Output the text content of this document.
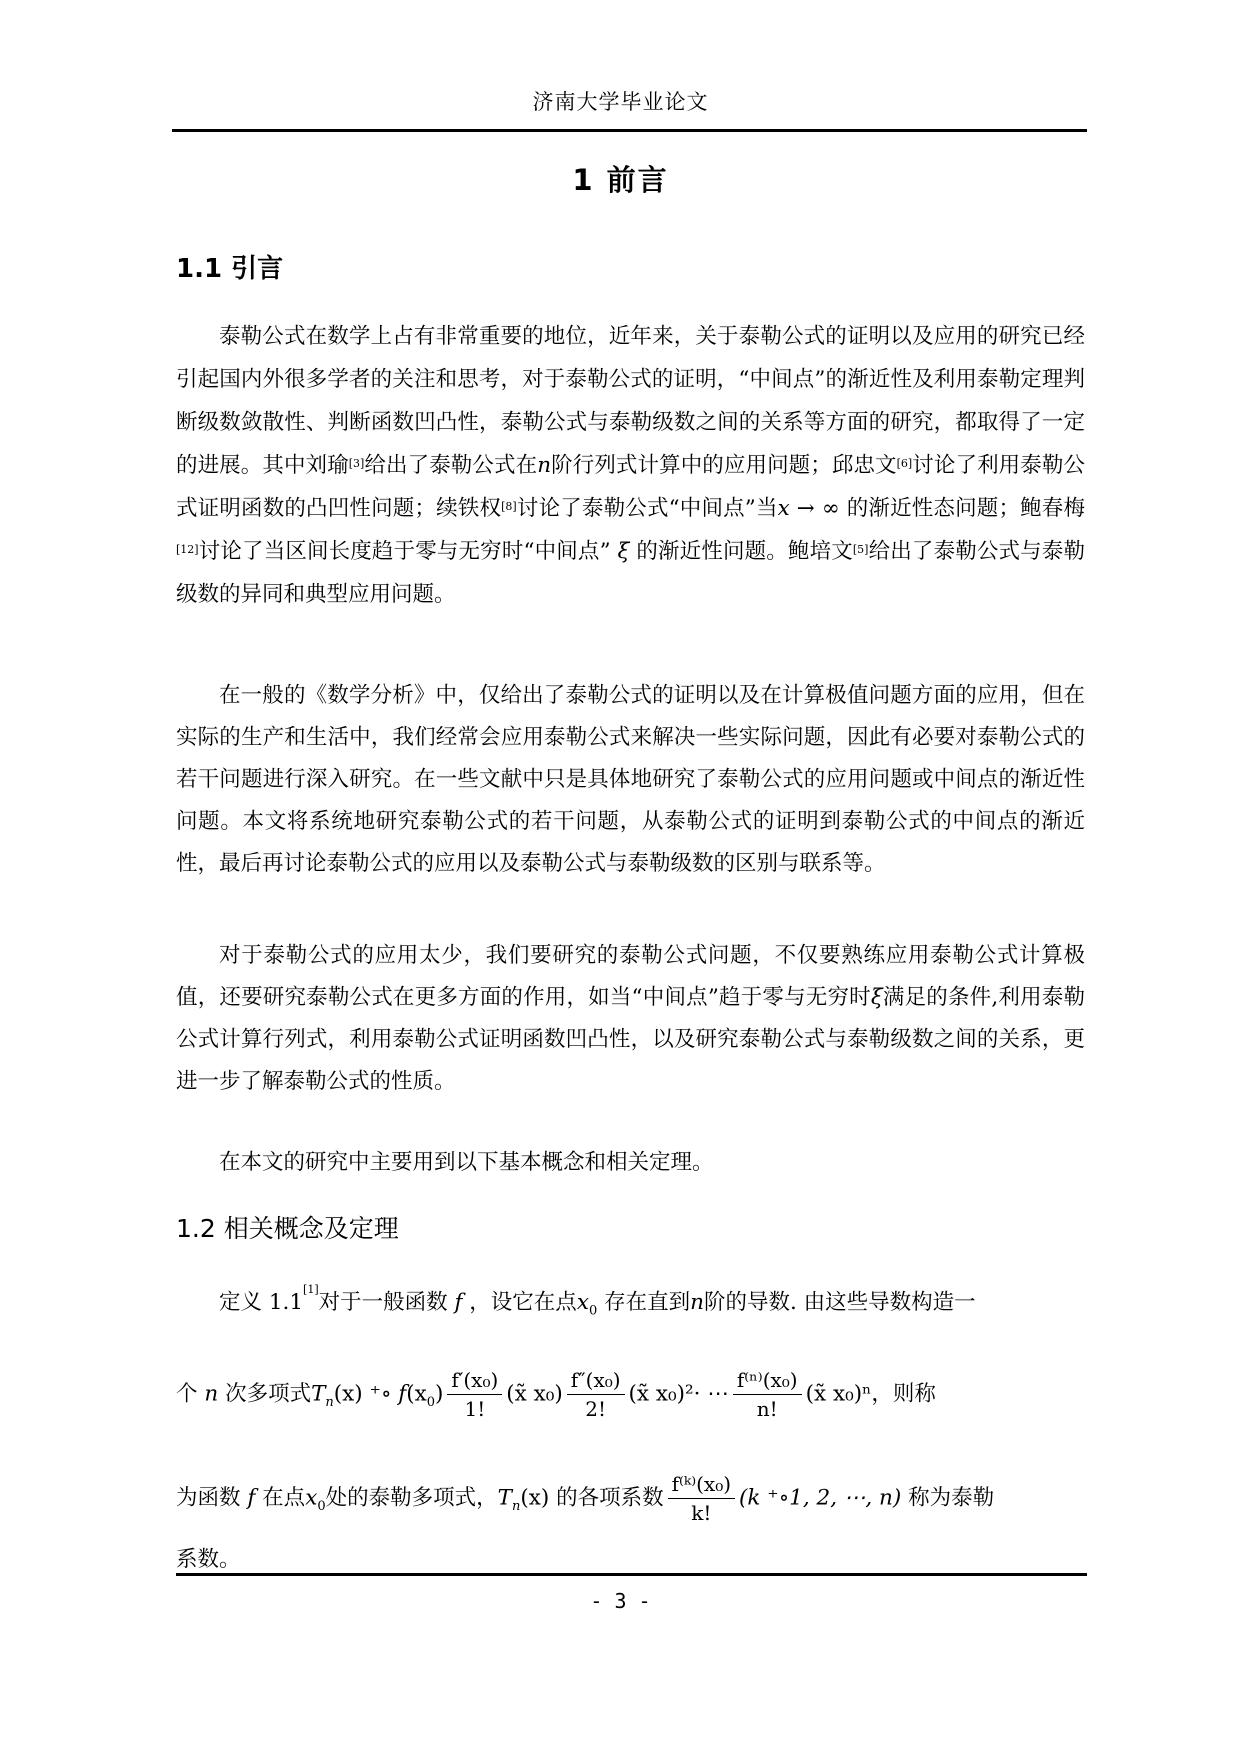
济南大学毕业论文
1 前言
1.1 引言

泰勒公式在数学上占有非常重要的地位，近年来，关于泰勒公式的证明以及应用的研究已经引起国内外很多学者的关注和思考，对于泰勒公式的证明，“中间点”的渐近性及利用泰勒定理判断级数敛散性、判断函数凹凸性，泰勒公式与泰勒级数之间的关系等方面的研究，都取得了一定的进展。其中刘瑜[3]给出了泰勒公式在n阶行列式计算中的应用问题；邱忠文[6]讨论了利用泰勒公式证明函数的凸凹性问题；续铁权[8]讨论了泰勒公式“中间点”当x → ∞ 的渐近性态问题；鲍春梅[12]讨论了当区间长度趋于零与无穷时“中间点” ξ 的渐近性问题。鲍培文[5]给出了泰勒公式与泰勒级数的异同和典型应用问题。

在一般的《数学分析》中，仅给出了泰勒公式的证明以及在计算极值问题方面的应用，但在实际的生产和生活中，我们经常会应用泰勒公式来解决一些实际问题，因此有必要对泰勒公式的若干问题进行深入研究。在一些文献中只是具体地研究了泰勒公式的应用问题或中间点的渐近性问题。本文将系统地研究泰勒公式的若干问题，从泰勒公式的证明到泰勒公式的中间点的渐近性，最后再讨论泰勒公式的应用以及泰勒公式与泰勒级数的区别与联系等。

对于泰勒公式的应用太少，我们要研究的泰勒公式问题，不仅要熟练应用泰勒公式计算极值，还要研究泰勒公式在更多方面的作用，如当“中间点”趋于零与无穷时ξ满足的条件,利用泰勒公式计算行列式，利用泰勒公式证明函数凹凸性，以及研究泰勒公式与泰勒级数之间的关系，更进一步了解泰勒公式的性质。

在本文的研究中主要用到以下基本概念和相关定理。

1.2 相关概念及定理
定义 1.1[1]对于一般函数 f ，设它在点$x_0$ 存在直到n阶的导数. 由这些导数构造一
个 n 次多项式$T_n(x)$ ⁺∘ $f(x_0) \frac{\text{f′(x₀)}}{1!}$ (x̃ $x_0) \frac{\text{f″(x₀)}}{2!}$ (x̃ x₀)²· ⋯ $\frac{\text{f⁽ⁿ⁾(x₀)}}{n!}$ (x̃ x₀)ⁿ，则称
为函数 f 在点$x_0$处的泰勒多项式，$T_n(x)$ 的各项系数 $\frac{\text{f⁽ᵏ⁾(x₀)}}{k!} (k$ ⁺∘1, 2, ⋯, n) 称为泰勒
系数。
- 3 -
